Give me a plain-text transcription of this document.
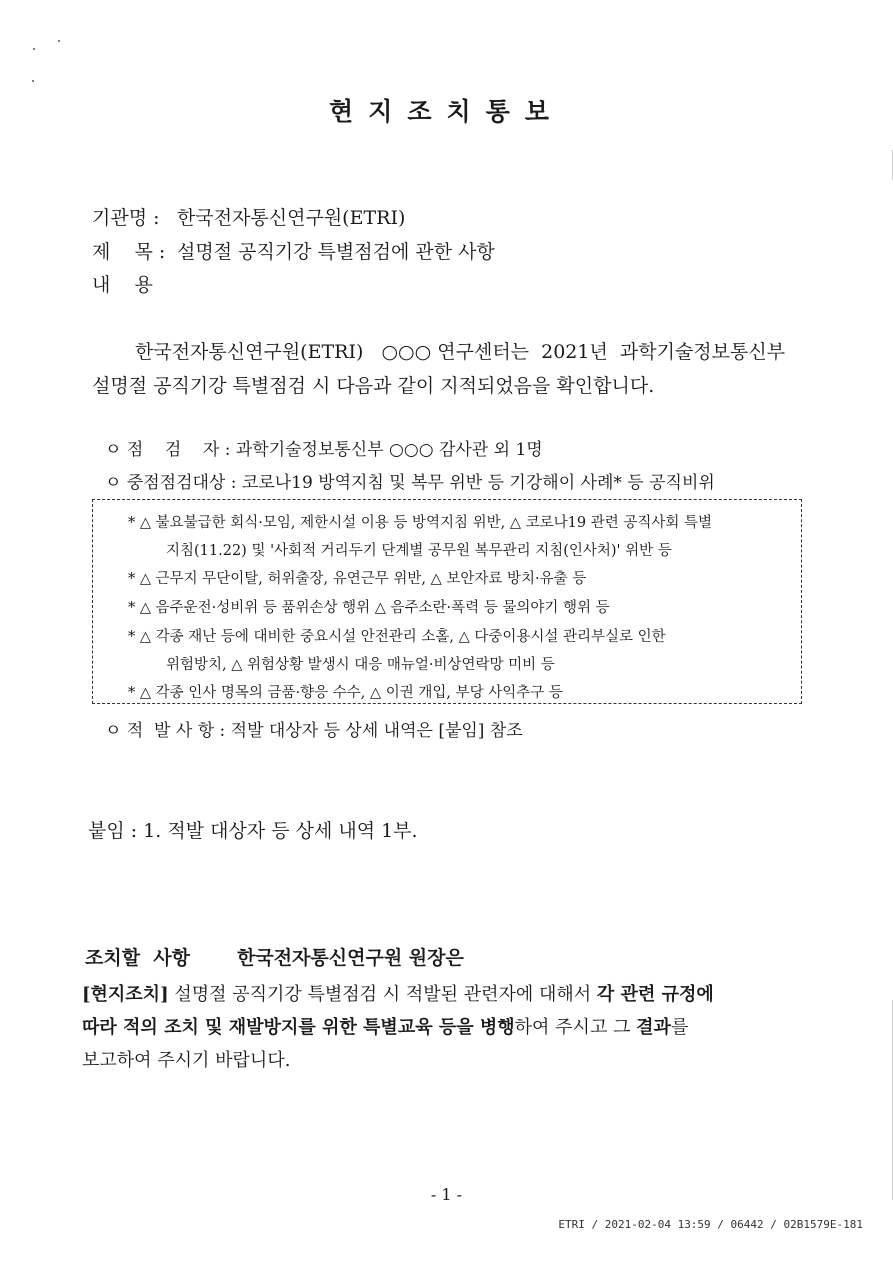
현지조치통보
기관명 : 한국전자통신연구원(ETRI)
제    목 : 설명절 공직기강 특별점검에 관한 사항
내    용
한국전자통신연구원(ETRI)   ○○○ 연구센터는  2021년  과학기술정보통신부
설명절 공직기강 특별점검 시 다음과 같이 지적되었음을 확인합니다.
ㅇ 점    검    자 : 과학기술정보통신부 ○○○ 감사관 외 1명
ㅇ 중점점검대상 : 코로나19 방역지침 및 복무 위반 등 기강해이 사례* 등 공직비위
* △ 불요불급한 회식·모임, 제한시설 이용 등 방역지침 위반, △ 코로나19 관련 공직사회 특별
지침(11.22) 및 '사회적 거리두기 단계별 공무원 복무관리 지침(인사처)' 위반 등
* △ 근무지 무단이탈, 허위출장, 유연근무 위반, △ 보안자료 방치·유출 등
* △ 음주운전·성비위 등 품위손상 행위 △ 음주소란·폭력 등 물의야기 행위 등
* △ 각종 재난 등에 대비한 중요시설 안전관리 소홀, △ 다중이용시설 관리부실로 인한
위험방치, △ 위험상황 발생시 대응 매뉴얼·비상연락망 미비 등
* △ 각종 인사 명목의 금품·향응 수수, △ 이권 개입, 부당 사익추구 등
ㅇ 적  발 사 항 : 적발 대상자 등 상세 내역은 [붙임] 참조
붙임 : 1. 적발 대상자 등 상세 내역 1부.
조치할  사항 한국전자통신연구원 원장은
[현지조치] 설명절 공직기강 특별점검 시 적발된 관련자에 대해서 각 관련 규정에
따라 적의 조치 및 재발방지를 위한 특별교육 등을 병행하여 주시고 그 결과를
보고하여 주시기 바랍니다.
- 1 -
ETRI / 2021-02-04 13:59 / 06442 / 02B1579E-181
